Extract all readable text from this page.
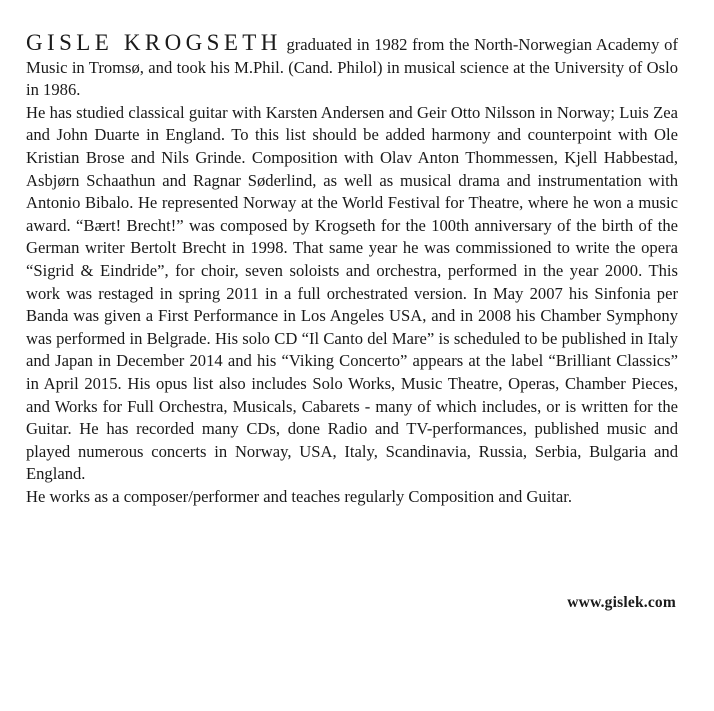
GISLE KROGSETH graduated in 1982 from the North-Norwegian Academy of Music in Tromsø, and took his M.Phil. (Cand. Philol) in musical science at the University of Oslo in 1986.

He has studied classical guitar with Karsten Andersen and Geir Otto Nilsson in Norway; Luis Zea and John Duarte in England. To this list should be added harmony and counterpoint with Ole Kristian Brose and Nils Grinde. Composition with Olav Anton Thommessen, Kjell Habbestad, Asbjørn Schaathun and Ragnar Søderlind, as well as musical drama and instrumentation with Antonio Bibalo. He represented Norway at the World Festival for Theatre, where he won a music award. “Bært! Brecht!” was composed by Krogseth for the 100th anniversary of the birth of the German writer Bertolt Brecht in 1998. That same year he was commissioned to write the opera “Sigrid & Eindride”, for choir, seven soloists and orchestra, performed in the year 2000. This work was restaged in spring 2011 in a full orchestrated version. In May 2007 his Sinfonia per Banda was given a First Performance in Los Angeles USA, and in 2008 his Chamber Symphony was performed in Belgrade. His solo CD “Il Canto del Mare” is scheduled to be published in Italy and Japan in December 2014 and his “Viking Concerto” appears at the label “Brilliant Classics” in April 2015. His opus list also includes Solo Works, Music Theatre, Operas, Chamber Pieces, and Works for Full Orchestra, Musicals, Cabarets - many of which includes, or is written for the Guitar. He has recorded many CDs, done Radio and TV-performances, published music and played numerous concerts in Norway, USA, Italy, Scandinavia, Russia, Serbia, Bulgaria and England.

He works as a composer/performer and teaches regularly Composition and Guitar.

www.gislek.com
